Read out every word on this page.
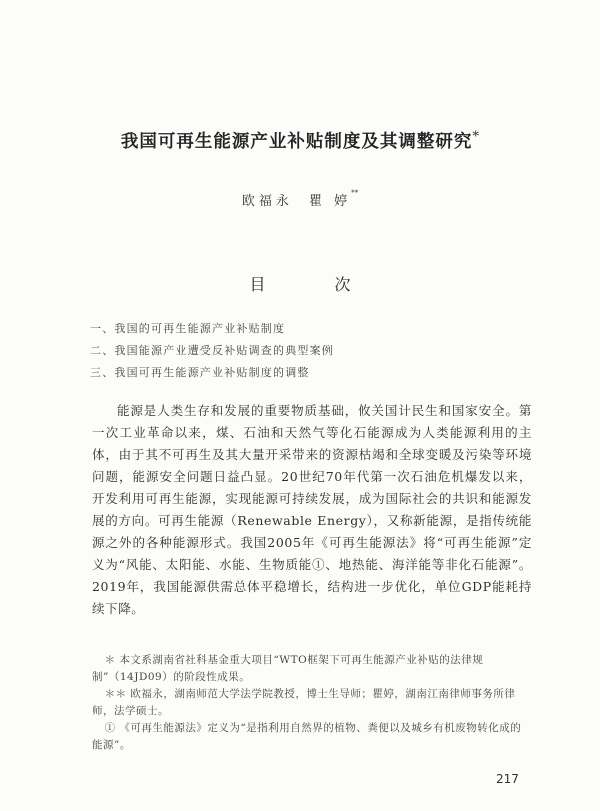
我国可再生能源产业补贴制度及其调整研究*
欧福永 瞿 婷**
目 次
一、我国的可再生能源产业补贴制度
二、我国能源产业遭受反补贴调查的典型案例
三、我国可再生能源产业补贴制度的调整

能源是人类生存和发展的重要物质基础，攸关国计民生和国家安全。第一次工业革命以来，煤、石油和天然气等化石能源成为人类能源利用的主体，由于其不可再生及其大量开采带来的资源枯竭和全球变暖及污染等环境问题，能源安全问题日益凸显。20世纪70年代第一次石油危机爆发以来，开发利用可再生能源，实现能源可持续发展，成为国际社会的共识和能源发展的方向。可再生能源（Renewable Energy），又称新能源，是指传统能源之外的各种能源形式。我国2005年《可再生能源法》将“可再生能源”定义为“风能、太阳能、水能、生物质能①、地热能、海洋能等非化石能源”。2019年，我国能源供需总体平稳增长，结构进一步优化，单位GDP能耗持续下降。

＊ 本文系湖南省社科基金重大项目“WTO框架下可再生能源产业补贴的法律规制”（14JD09）的阶段性成果。

＊＊ 欧福永，湖南师范大学法学院教授，博士生导师；瞿婷，湖南江南律师事务所律师，法学硕士。

① 《可再生能源法》定义为“是指利用自然界的植物、粪便以及城乡有机废物转化成的能源”。

217
